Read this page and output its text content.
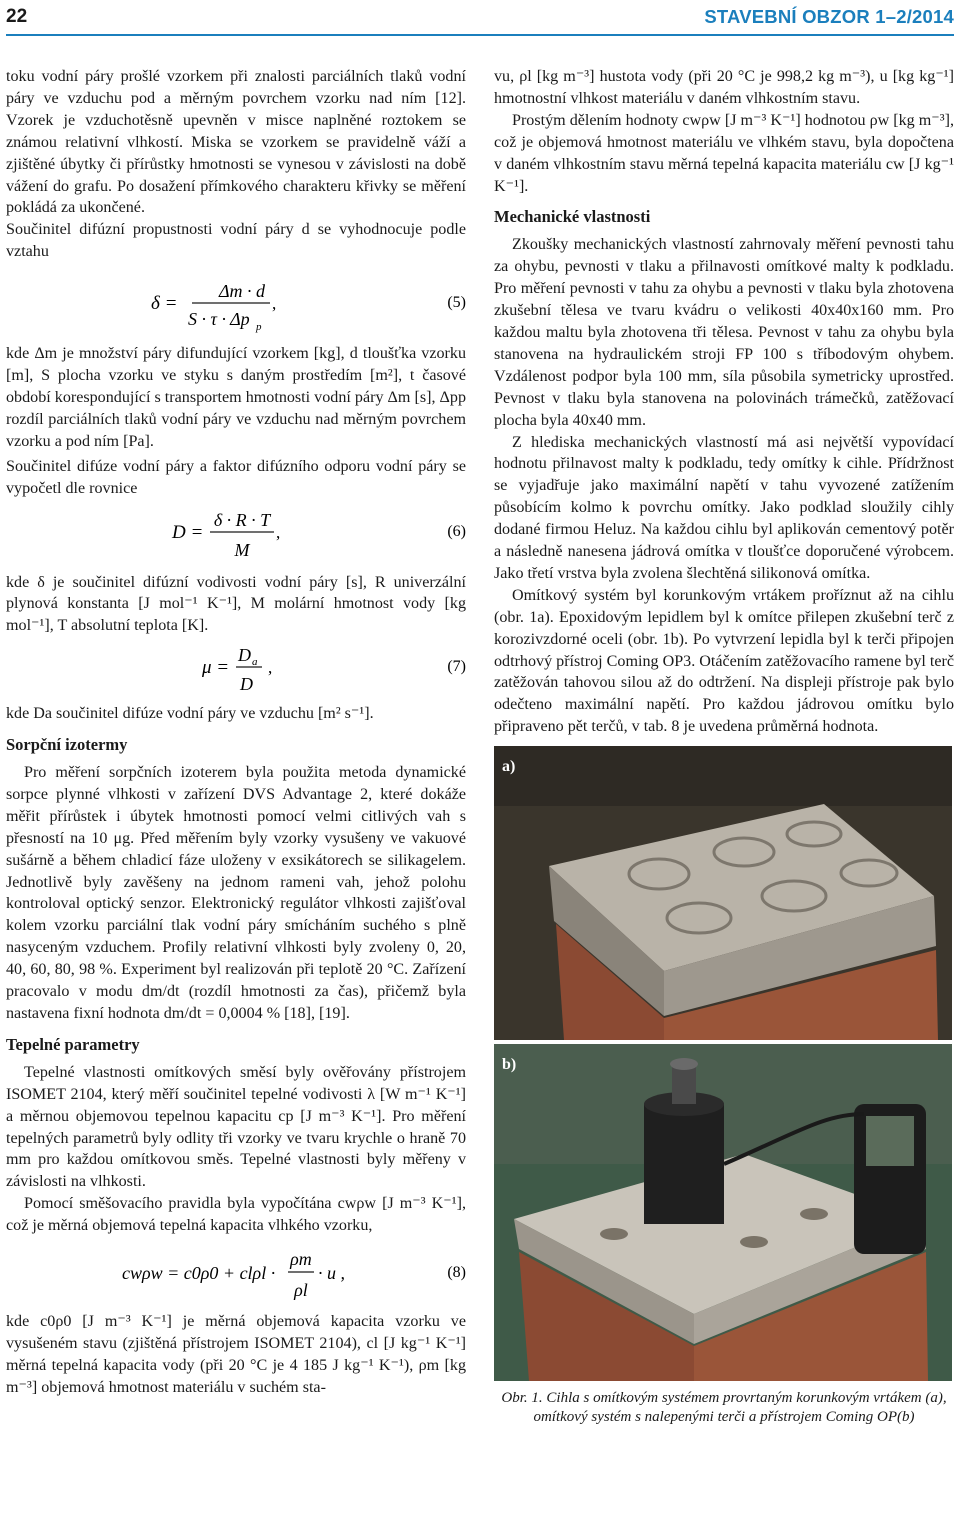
22	STAVEBNÍ OBZOR 1–2/2014

toku vodní páry prošlé vzorkem při znalosti parciálních tlaků vodní páry ve vzduchu pod a měrným povrchem vzorku nad ním [12]. Vzorek je vzduchotěsně upevněn v misce naplněné roztokem se známou relativní vlhkostí. Miska se vzorkem se pravidelně váží a zjištěné úbytky či přírůstky hmotnosti se vynesou v závislosti na době vážení do grafu. Po dosažení přímkového charakteru křivky se měření pokládá za ukončené.

Součinitel difúzní propustnosti vodní páry d se vyhodnocuje podle vztahu

δ =
Δm · d
S · τ · Δp p
,	(5)

kde Δm je množství páry difundující vzorkem [kg], d tloušťka vzorku [m], S plocha vzorku ve styku s daným prostředím [m²], t časové období korespondující s transportem hmotnosti vodní páry Δm [s], Δpp rozdíl parciálních tlaků vodní páry ve vzduchu nad měrným povrchem vzorku a pod ním [Pa].

Součinitel difúze vodní páry a faktor difúzního odporu vodní páry se vypočetl dle rovnice

D =
δ · R · T
M
,	(6)

kde δ je součinitel difúzní vodivosti vodní páry [s], R univerzální plynová konstanta [J mol⁻¹ K⁻¹], M molární hmotnost vody [kg mol⁻¹], T absolutní teplota [K].

μ =
D a
D
,	(7)

kde Da součinitel difúze vodní páry ve vzduchu [m² s⁻¹].

Sorpční izotermy

Pro měření sorpčních izoterem byla použita metoda dynamické sorpce plynné vlhkosti v zařízení DVS Advantage 2, které dokáže měřit přírůstek i úbytek hmotnosti pomocí velmi citlivých vah s přesností na 10 μg. Před měřením byly vzorky vysušeny ve vakuové sušárně a během chladicí fáze uloženy v exsikátorech se silikagelem. Jednotlivě byly zavěšeny na jednom rameni vah, jehož polohu kontroloval optický senzor. Elektronický regulátor vlhkosti zajišťoval kolem vzorku parciální tlak vodní páry smícháním suchého s plně nasyceným vzduchem. Profily relativní vlhkosti byly zvoleny 0, 20, 40, 60, 80, 98 %. Experiment byl realizován při teplotě 20 °C. Zařízení pracovalo v modu dm/dt (rozdíl hmotnosti za čas), přičemž byla nastavena fixní hodnota dm/dt = 0,0004 % [18], [19].

Tepelné parametry

Tepelné vlastnosti omítkových směsí byly ověřovány přístrojem ISOMET 2104, který měří součinitel tepelné vodivosti λ [W m⁻¹ K⁻¹] a měrnou objemovou tepelnou kapacitu cp [J m⁻³ K⁻¹]. Pro měření tepelných parametrů byly odlity tři vzorky ve tvaru krychle o hraně 70 mm pro každou omítkovou směs. Tepelné vlastnosti byly měřeny v závislosti na vlhkosti.

Pomocí směšovacího pravidla byla vypočítána cwρw [J m⁻³ K⁻¹], což je měrná objemová tepelná kapacita vlhkého vzorku,

cwρw = c0ρ0 + clρl ·
ρm
ρl
· u ,	(8)

kde c0ρ0 [J m⁻³ K⁻¹] je měrná objemová kapacita vzorku ve vysušeném stavu (zjištěná přístrojem ISOMET 2104), cl [J kg⁻¹ K⁻¹] měrná tepelná kapacita vody (při 20 °C je 4 185 J kg⁻¹ K⁻¹), ρm [kg m⁻³] objemová hmotnost materiálu v suchém sta-

vu, ρl [kg m⁻³] hustota vody (při 20 °C je 998,2 kg m⁻³), u [kg kg⁻¹] hmotnostní vlhkost materiálu v daném vlhkostním stavu.

Prostým dělením hodnoty cwρw [J m⁻³ K⁻¹] hodnotou ρw [kg m⁻³], což je objemová hmotnost materiálu ve vlhkém stavu, byla dopočtena v daném vlhkostním stavu měrná tepelná kapacita materiálu cw [J kg⁻¹ K⁻¹].

Mechanické vlastnosti

Zkoušky mechanických vlastností zahrnovaly měření pevnosti tahu za ohybu, pevnosti v tlaku a přilnavosti omítkové malty k podkladu. Pro měření pevnosti v tahu za ohybu a pevnosti v tlaku byla zhotovena zkušební tělesa ve tvaru kvádru o velikosti 40x40x160 mm. Pro každou maltu byla zhotovena tři tělesa. Pevnost v tahu za ohybu byla stanovena na hydraulickém stroji FP 100 s tříbodovým ohybem. Vzdálenost podpor byla 100 mm, síla působila symetricky uprostřed. Pevnost v tlaku byla stanovena na polovinách trámečků, zatěžovací plocha byla 40x40 mm.

Z hlediska mechanických vlastností má asi největší vypovídací hodnotu přilnavost malty k podkladu, tedy omítky k cihle. Přídržnost se vyjadřuje jako maximální napětí v tahu vyvozené zatížením působícím kolmo k povrchu omítky. Jako podklad sloužily cihly dodané firmou Heluz. Na každou cihlu byl aplikován cementový potěr a následně nanesena jádrová omítka v tloušťce doporučené výrobcem. Jako třetí vrstva byla zvolena šlechtěná silikonová omítka.

Omítkový systém byl korunkovým vrtákem proříznut až na cihlu (obr. 1a). Epoxidovým lepidlem byl k omítce přilepen zkušební terč z korozivzdorné oceli (obr. 1b). Po vytvrzení lepidla byl k terči připojen odtrhový přístroj Coming OP3. Otáčením zatěžovacího ramene byl terč zatěžován tahovou silou až do odtržení. Na displeji přístroje pak bylo odečteno maximální napětí. Pro každou jádrovou omítku bylo připraveno pět terčů, v tab. 8 je uvedena průměrná hodnota.

a)
b)

Obr. 1. Cihla s omítkovým systémem provrtaným korunkovým vrtákem (a), omítkový systém s nalepenými terči a přístrojem Coming OP(b)
